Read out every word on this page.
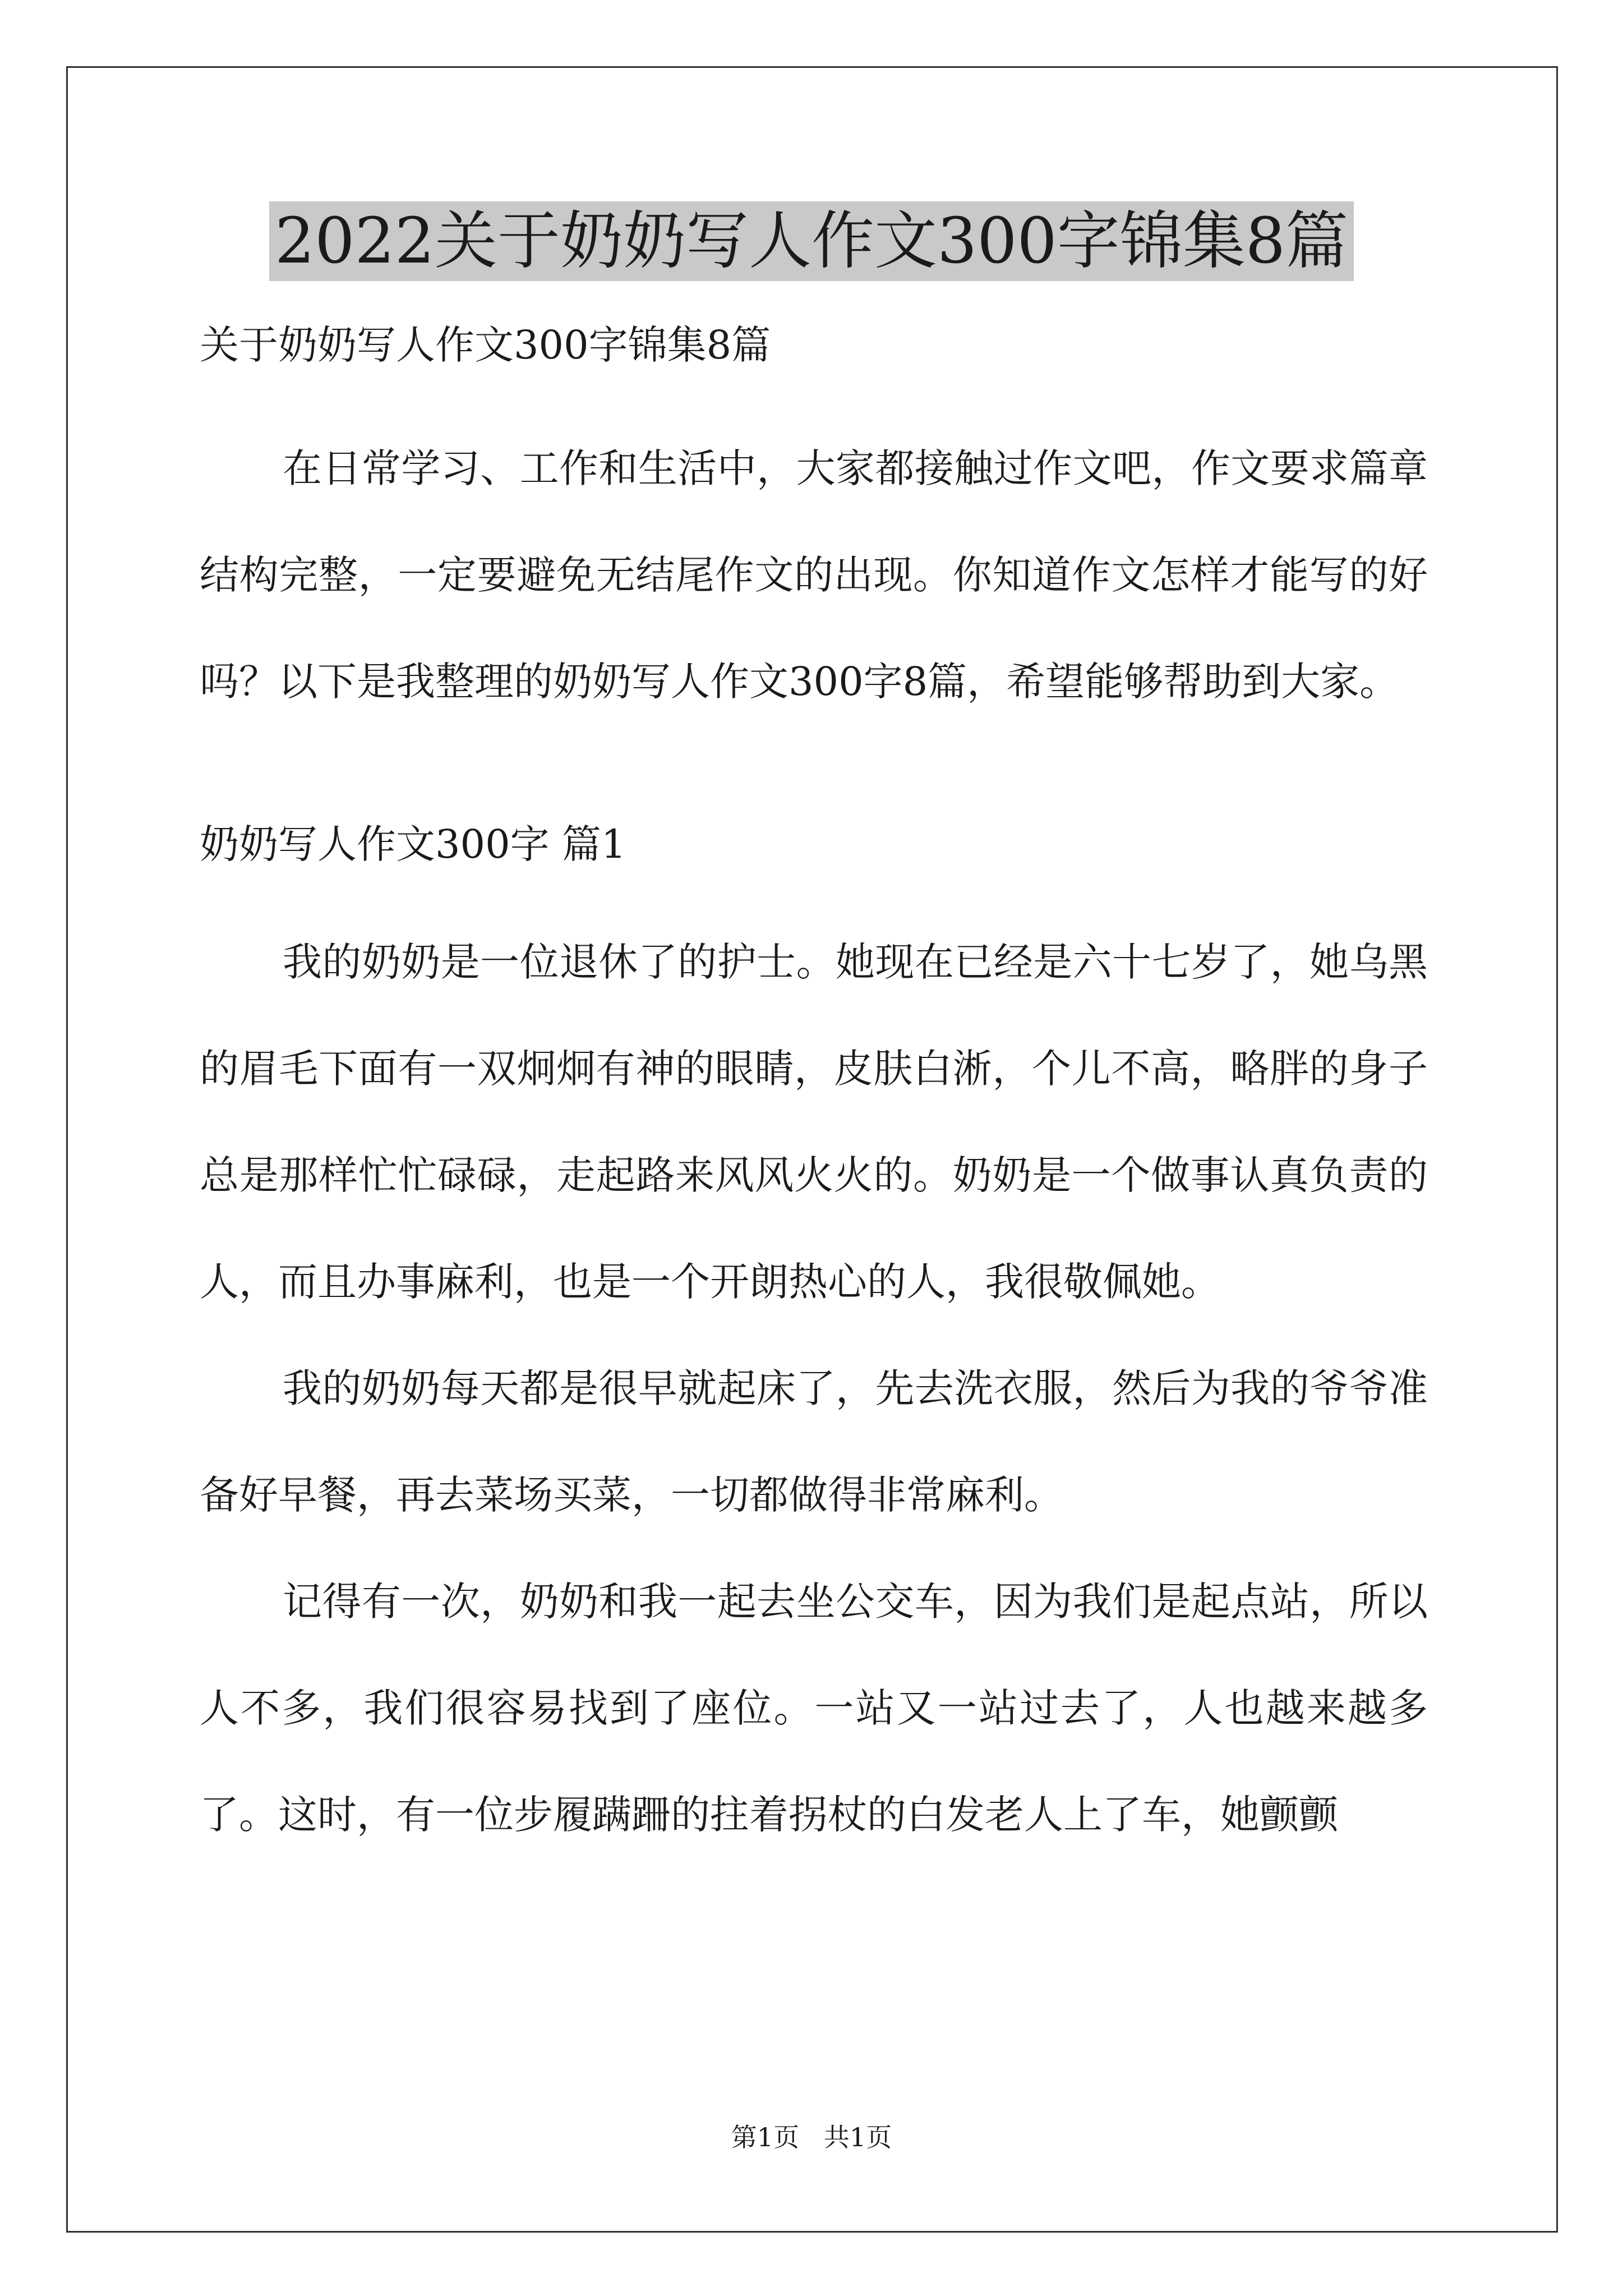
2022关于奶奶写人作文300字锦集8篇

关于奶奶写人作文300字锦集8篇

在日常学习、工作和生活中，大家都接触过作文吧，作文要求篇章结构完整，一定要避免无结尾作文的出现。你知道作文怎样才能写的好吗？以下是我整理的奶奶写人作文300字8篇，希望能够帮助到大家。

奶奶写人作文300字 篇1

我的奶奶是一位退休了的护士。她现在已经是六十七岁了，她乌黑的眉毛下面有一双炯炯有神的眼睛，皮肤白淅，个儿不高，略胖的身子总是那样忙忙碌碌，走起路来风风火火的。奶奶是一个做事认真负责的人，而且办事麻利，也是一个开朗热心的人，我很敬佩她。

我的奶奶每天都是很早就起床了，先去洗衣服，然后为我的爷爷准备好早餐，再去菜场买菜，一切都做得非常麻利。

记得有一次，奶奶和我一起去坐公交车，因为我们是起点站，所以人不多，我们很容易找到了座位。一站又一站过去了，人也越来越多了。这时，有一位步履蹒跚的拄着拐杖的白发老人上了车，她颤颤

第1页   共1页
